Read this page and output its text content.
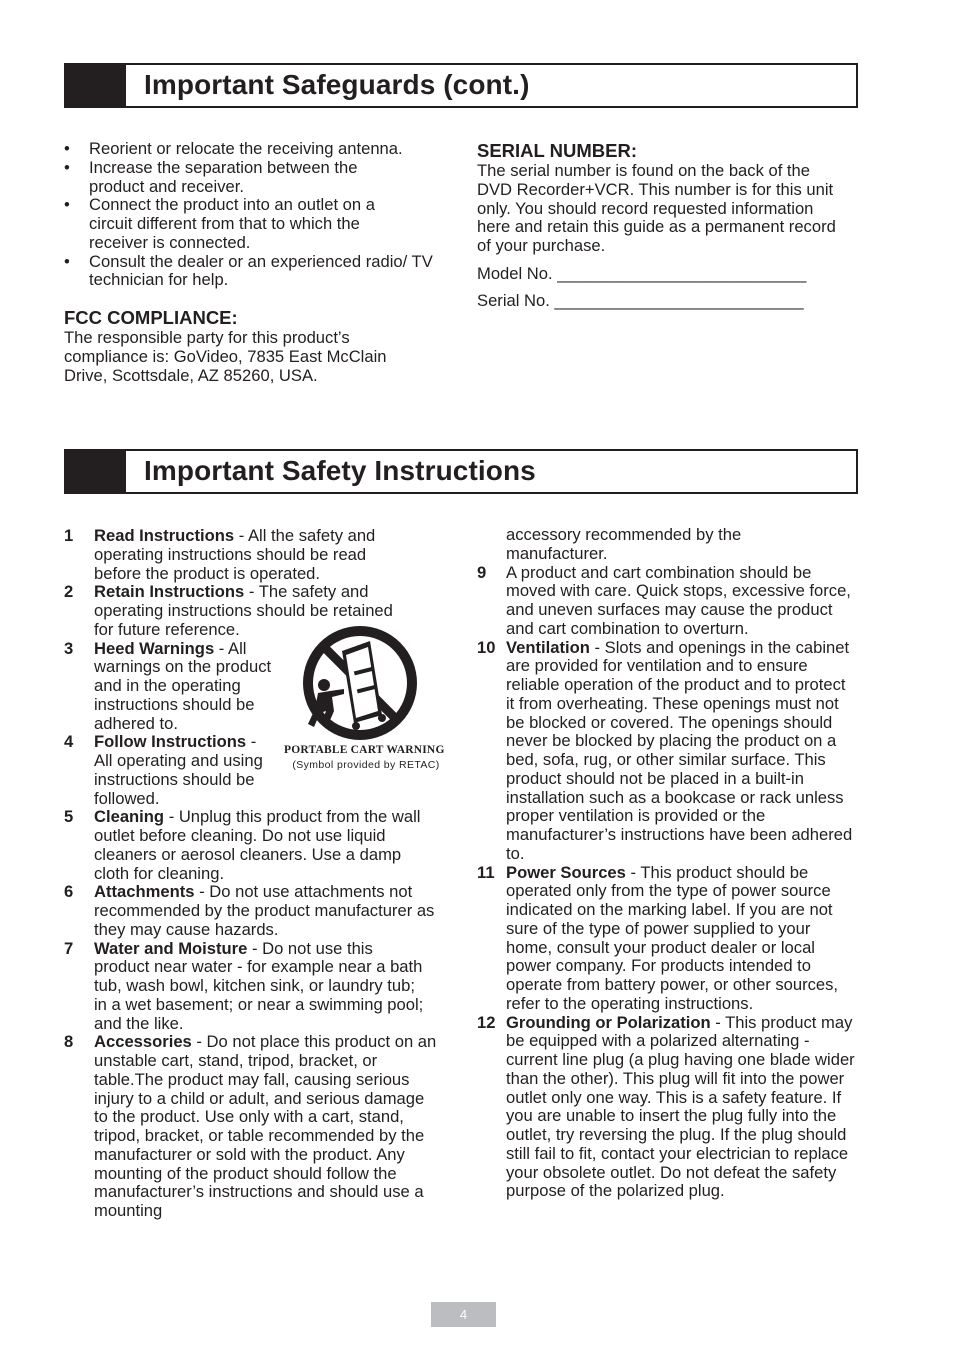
Important Safeguards (cont.)
• Reorient or relocate the receiving antenna.
• Increase the separation between the product and receiver.
• Connect the product into an outlet on a circuit different from that to which the receiver is connected.
• Consult the dealer or an experienced radio/ TV technician for help.
FCC COMPLIANCE:
The responsible party for this product’s compliance is: GoVideo, 7835 East McClain Drive, Scottsdale, AZ 85260, USA.
SERIAL NUMBER:
The serial number is found on the back of the DVD Recorder+VCR. This number is for this unit only. You should record requested information here and retain this guide as a permanent record of your purchase.
Model No. ___________________________
Serial No. ___________________________
Important Safety Instructions
1 Read Instructions - All the safety and operating instructions should be read before the product is operated.
2 Retain Instructions - The safety and operating instructions should be retained for future reference.
3 Heed Warnings - All warnings on the product and in the operating instructions should be adhered to.
4 Follow Instructions - All operating and using instructions should be followed.
5 Cleaning - Unplug this product from the wall outlet before cleaning. Do not use liquid cleaners or aerosol cleaners. Use a damp cloth for cleaning.
6 Attachments - Do not use attachments not recommended by the product manufacturer as they may cause hazards.
7 Water and Moisture - Do not use this product near water - for example near a bath tub, wash bowl, kitchen sink, or laundry tub; in a wet basement; or near a swimming pool; and the like.
8 Accessories - Do not place this product on an unstable cart, stand, tripod, bracket, or table.The product may fall, causing serious injury to a child or adult, and serious damage to the product. Use only with a cart, stand, tripod, bracket, or table recommended by the manufacturer or sold with the product. Any mounting of the product should follow the manufacturer’s instructions and should use a mounting
PORTABLE CART WARNING
(Symbol provided by RETAC)
accessory recommended by the manufacturer.
9 A product and cart combination should be moved with care. Quick stops, excessive force, and uneven surfaces may cause the product and cart combination to overturn.
10 Ventilation - Slots and openings in the cabinet are provided for ventilation and to ensure reliable operation of the product and to protect it from overheating. These openings must not be blocked or covered. The openings should never be blocked by placing the product on a bed, sofa, rug, or other similar surface. This product should not be placed in a built-in installation such as a bookcase or rack unless proper ventilation is provided or the manufacturer’s instructions have been adhered to.
11 Power Sources - This product should be operated only from the type of power source indicated on the marking label. If you are not sure of the type of power supplied to your home, consult your product dealer or local power company. For products intended to operate from battery power, or other sources, refer to the operating instructions.
12 Grounding or Polarization - This product may be equipped with a polarized alternating - current line plug (a plug having one blade wider than the other). This plug will fit into the power outlet only one way. This is a safety feature. If you are unable to insert the plug fully into the outlet, try reversing the plug. If the plug should still fail to fit, contact your electrician to replace your obsolete outlet. Do not defeat the safety purpose of the polarized plug.
4
